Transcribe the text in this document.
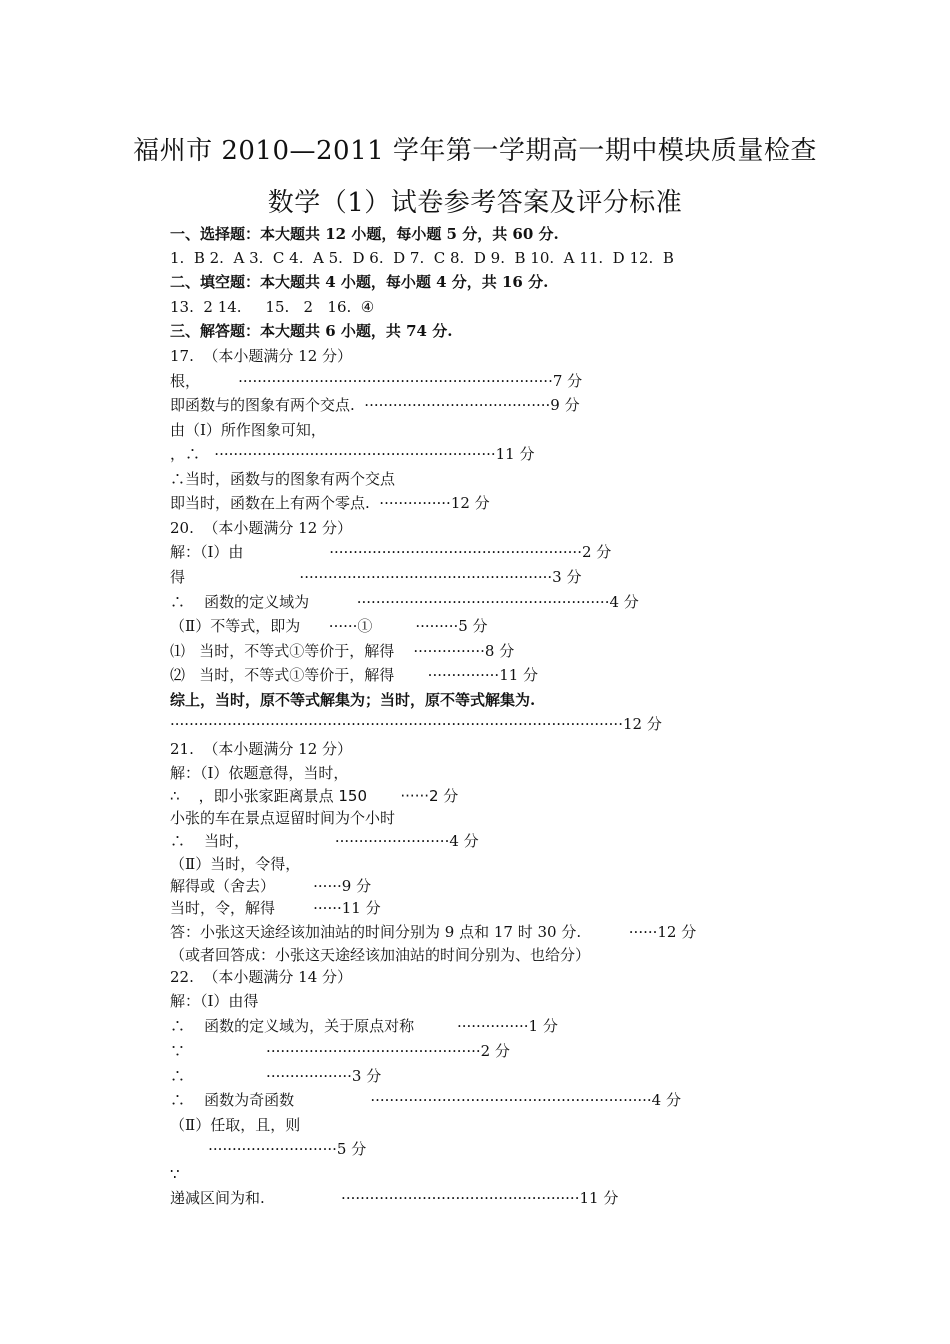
福州市 2010—2011 学年第一学期高一期中模块质量检查
数学（1）试卷参考答案及评分标准
一、选择题：本大题共 12 小题，每小题 5 分，共 60 分.
1.  B 2.  A 3.  C 4.  A 5.  D 6.  D 7.  C 8.  D 9.  B 10.  A 11.  D 12.  B
二、填空题：本大题共 4 小题，每小题 4 分，共 16 分.
13.  2 14.     15.   2   16.  ④
三、解答题：本大题共 6 小题，共 74 分.
17.  （本小题满分 12 分）
根，        ··································································7 分
即函数与的图象有两个交点.  ·······································9 分
由（Ⅰ）所作图象可知，
，∴   ···························································11 分
∴当时，函数与的图象有两个交点
即当时，函数在上有两个零点.  ···············12 分
20.  （本小题满分 12 分）
解：（Ⅰ）由                  ·····················································2 分
得                        ·····················································3 分
∴    函数的定义域为          ·····················································4 分
（Ⅱ）不等式，即为      ······①         ·········5 分
⑴   当时，不等式①等价于，解得    ···············8 分
⑵   当时，不等式①等价于，解得       ···············11 分
综上，当时，原不等式解集为；当时，原不等式解集为.
·······························································································12 分
21.  （本小题满分 12 分）
解：（Ⅰ）依题意得，当时，
∴    ，即小张家距离景点 150       ······2 分
小张的车在景点逗留时间为个小时
∴    当时，                  ························4 分
（Ⅱ）当时，令得，
解得或（舍去）        ······9 分
当时，令，解得        ······11 分
答：小张这天途经该加油站的时间分别为 9 点和 17 时 30 分.          ······12 分
（或者回答成：小张这天途经该加油站的时间分别为、也给分）
22.  （本小题满分 14 分）
解：（Ⅰ）由得
∴    函数的定义域为，关于原点对称         ···············1 分
∵                 ·············································2 分
∴                 ··················3 分
∴    函数为奇函数                ···························································4 分
（Ⅱ）任取，且，则
···························5 分
∵
递减区间为和.                ··················································11 分
